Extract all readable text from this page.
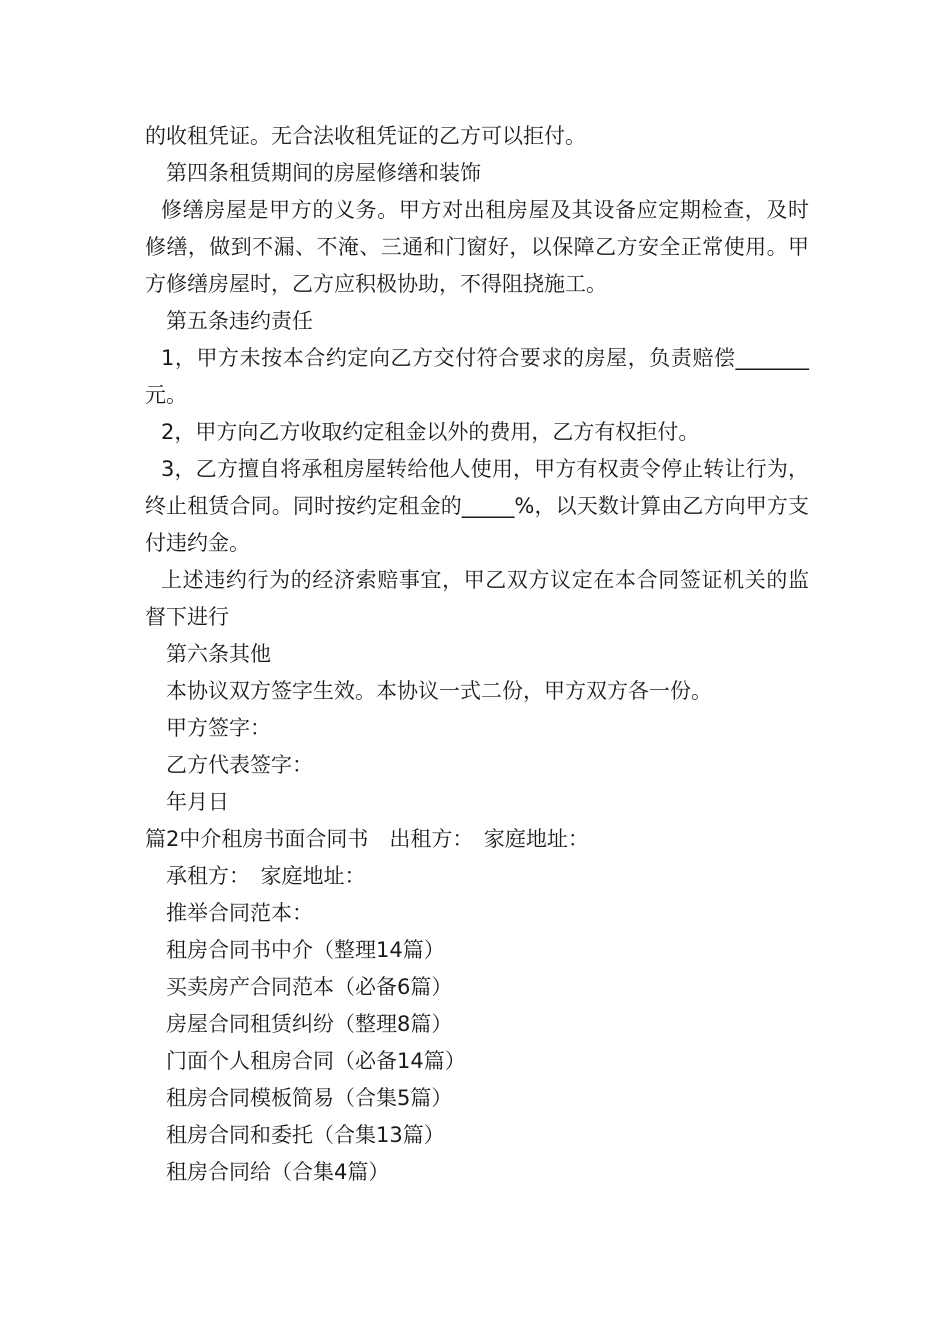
的收租凭证。无合法收租凭证的乙方可以拒付。

第四条租赁期间的房屋修缮和装饰

修缮房屋是甲方的义务。甲方对出租房屋及其设备应定期检查，及时修缮，做到不漏、不淹、三通和门窗好，以保障乙方安全正常使用。甲方修缮房屋时，乙方应积极协助，不得阻挠施工。

第五条违约责任

1，甲方未按本合约定向乙方交付符合要求的房屋，负责赔偿_______元。

2，甲方向乙方收取约定租金以外的费用，乙方有权拒付。

3，乙方擅自将承租房屋转给他人使用，甲方有权责令停止转让行为，终止租赁合同。同时按约定租金的_____%，以天数计算由乙方向甲方支付违约金。

上述违约行为的经济索赔事宜，甲乙双方议定在本合同签证机关的监督下进行

第六条其他

本协议双方签字生效。本协议一式二份，甲方双方各一份。

甲方签字：

乙方代表签字：

年月日

篇2中介租房书面合同书　出租方：　家庭地址：

承租方：　家庭地址：

推举合同范本：

租房合同书中介（整理14篇）

买卖房产合同范本（必备6篇）

房屋合同租赁纠纷（整理8篇）

门面个人租房合同（必备14篇）

租房合同模板简易（合集5篇）

租房合同和委托（合集13篇）

租房合同给（合集4篇）
